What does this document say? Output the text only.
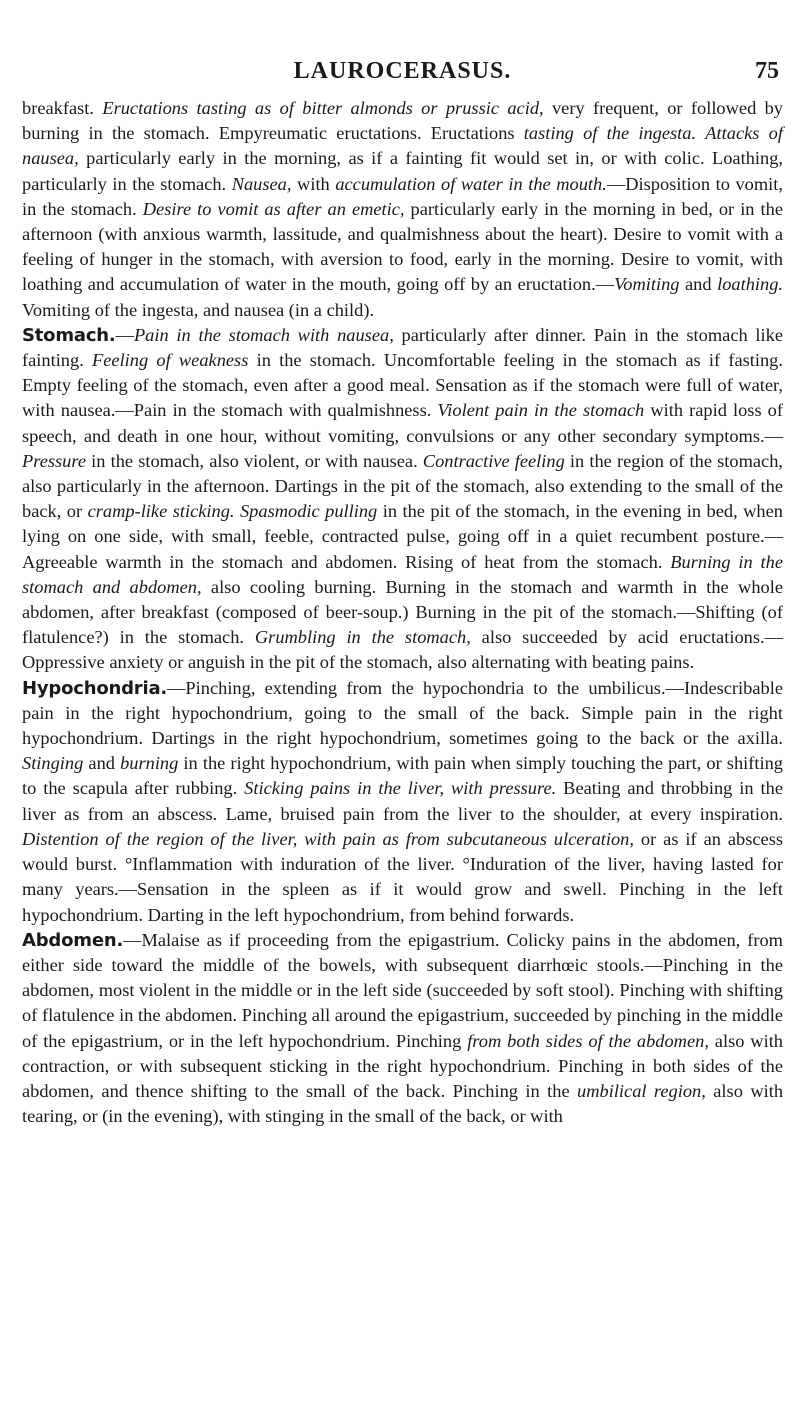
LAUROCERASUS.	75

breakfast. Eructations tasting as of bitter almonds or prussic acid, very frequent, or followed by burning in the stomach. Empyreumatic eructations. Eructations tasting of the ingesta. Attacks of nausea, particularly early in the morning, as if a fainting fit would set in, or with colic. Loathing, particularly in the stomach. Nausea, with accumulation of water in the mouth.—Disposition to vomit, in the stomach. Desire to vomit as after an emetic, particularly early in the morning in bed, or in the afternoon (with anxious warmth, lassitude, and qualmishness about the heart). Desire to vomit with a feeling of hunger in the stomach, with aversion to food, early in the morning. Desire to vomit, with loathing and accumulation of water in the mouth, going off by an eructation.—Vomiting and loathing. Vomiting of the ingesta, and nausea (in a child).

Stomach.—Pain in the stomach with nausea, particularly after dinner. Pain in the stomach like fainting. Feeling of weakness in the stomach. Uncomfortable feeling in the stomach as if fasting. Empty feeling of the stomach, even after a good meal. Sensation as if the stomach were full of water, with nausea.—Pain in the stomach with qualmishness. Violent pain in the stomach with rapid loss of speech, and death in one hour, without vomiting, convulsions or any other secondary symptoms.—Pressure in the stomach, also violent, or with nausea. Contractive feeling in the region of the stomach, also particularly in the afternoon. Dartings in the pit of the stomach, also extending to the small of the back, or cramp-like sticking. Spasmodic pulling in the pit of the stomach, in the evening in bed, when lying on one side, with small, feeble, contracted pulse, going off in a quiet recumbent posture.—Agreeable warmth in the stomach and abdomen. Rising of heat from the stomach. Burning in the stomach and abdomen, also cooling burning. Burning in the stomach and warmth in the whole abdomen, after breakfast (composed of beer-soup.) Burning in the pit of the stomach.—Shifting (of flatulence?) in the stomach. Grumbling in the stomach, also succeeded by acid eructations.—Oppressive anxiety or anguish in the pit of the stomach, also alternating with beating pains.

Hypochondria.—Pinching, extending from the hypochondria to the umbilicus.—Indescribable pain in the right hypochondrium, going to the small of the back. Simple pain in the right hypochondrium. Dartings in the right hypochondrium, sometimes going to the back or the axilla. Stinging and burning in the right hypochondrium, with pain when simply touching the part, or shifting to the scapula after rubbing. Sticking pains in the liver, with pressure. Beating and throbbing in the liver as from an abscess. Lame, bruised pain from the liver to the shoulder, at every inspiration. Distention of the region of the liver, with pain as from subcutaneous ulceration, or as if an abscess would burst. °Inflammation with induration of the liver. °Induration of the liver, having lasted for many years.—Sensation in the spleen as if it would grow and swell. Pinching in the left hypochondrium. Darting in the left hypochondrium, from behind forwards.

Abdomen.—Malaise as if proceeding from the epigastrium. Colicky pains in the abdomen, from either side toward the middle of the bowels, with subsequent diarrhœic stools.—Pinching in the abdomen, most violent in the middle or in the left side (succeeded by soft stool). Pinching with shifting of flatulence in the abdomen. Pinching all around the epigastrium, succeeded by pinching in the middle of the epigastrium, or in the left hypochondrium. Pinching from both sides of the abdomen, also with contraction, or with subsequent sticking in the right hypochondrium. Pinching in both sides of the abdomen, and thence shifting to the small of the back. Pinching in the umbilical region, also with tearing, or (in the evening), with stinging in the small of the back, or with
